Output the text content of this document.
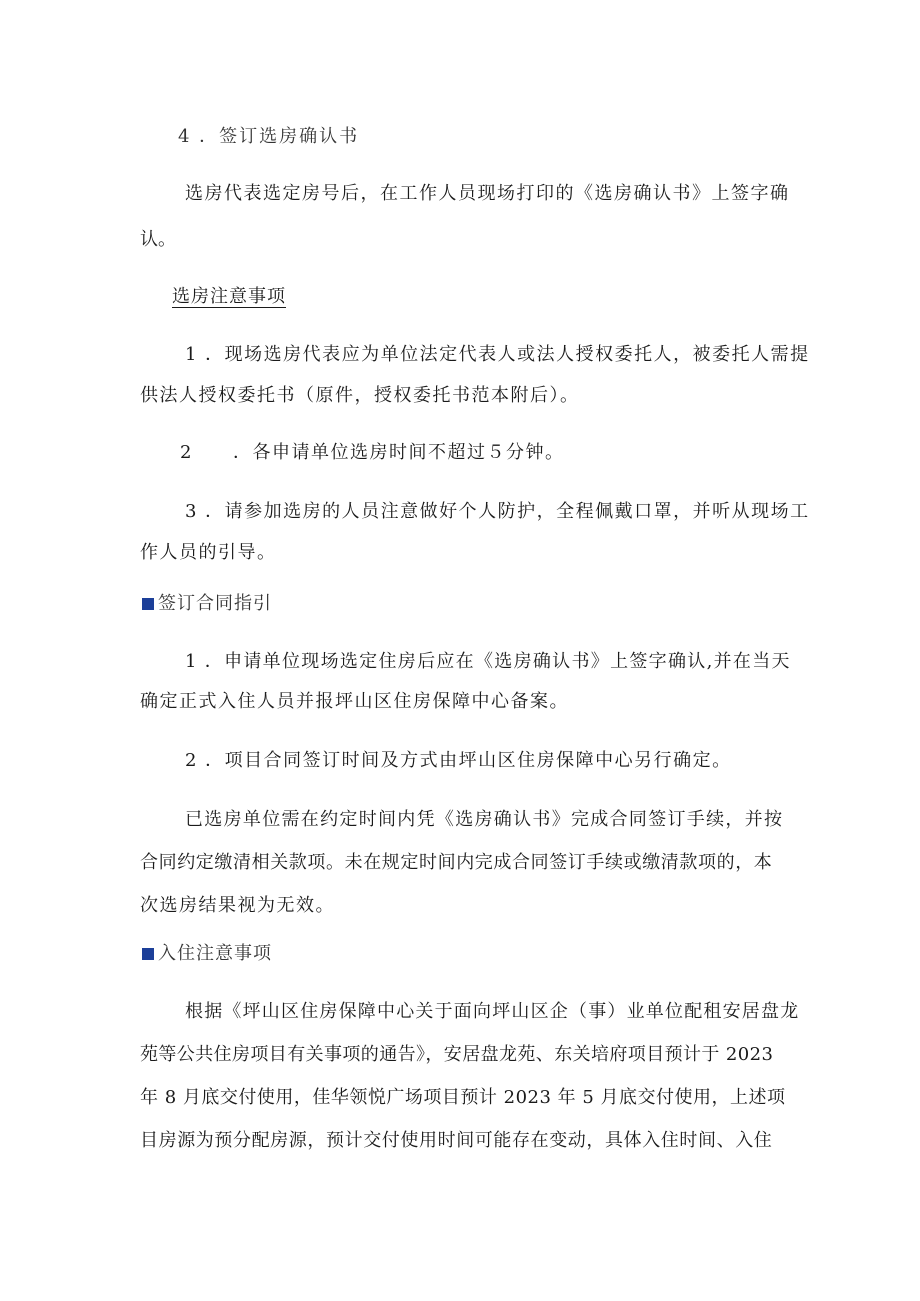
4 ．签订选房确认书
选房代表选定房号后，在工作人员现场打印的《选房确认书》上签字确
认。
选房注意事项
1 ．现场选房代表应为单位法定代表人或法人授权委托人，被委托人需提
供法人授权委托书（原件，授权委托书范本附后）。
2 ．各申请单位选房时间不超过５分钟。
3 ．请参加选房的人员注意做好个人防护，全程佩戴口罩，并听从现场工
作人员的引导。
签订合同指引
1 ．申请单位现场选定住房后应在《选房确认书》上签字确认,并在当天
确定正式入住人员并报坪山区住房保障中心备案。
2 ．项目合同签订时间及方式由坪山区住房保障中心另行确定。
已选房单位需在约定时间内凭《选房确认书》完成合同签订手续，并按
合同约定缴清相关款项。未在规定时间内完成合同签订手续或缴清款项的，本
次选房结果视为无效。
入住注意事项
根据《坪山区住房保障中心关于面向坪山区企（事）业单位配租安居盘龙
苑等公共住房项目有关事项的通告》，安居盘龙苑、东关培府项目预计于 2023
年 8 月底交付使用，佳华领悦广场项目预计 2023 年 5 月底交付使用，上述项
目房源为预分配房源，预计交付使用时间可能存在变动，具体入住时间、入住
